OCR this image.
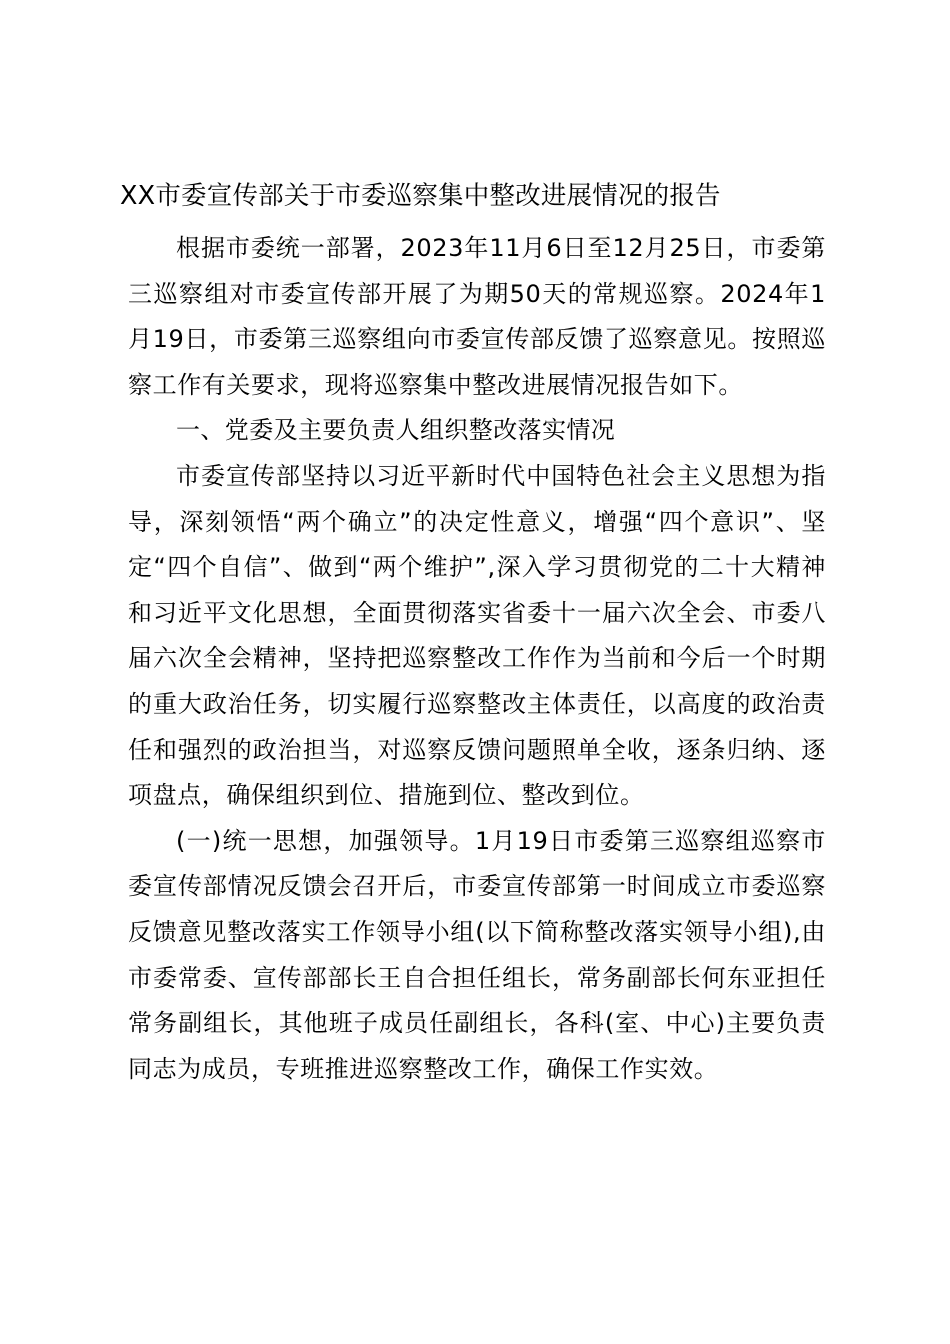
XX市委宣传部关于市委巡察集中整改进展情况的报告

根据市委统一部署，2023年11月6日至12月25日，市委第三巡察组对市委宣传部开展了为期50天的常规巡察。2024年1月19日，市委第三巡察组向市委宣传部反馈了巡察意见。按照巡察工作有关要求，现将巡察集中整改进展情况报告如下。

一、党委及主要负责人组织整改落实情况

市委宣传部坚持以习近平新时代中国特色社会主义思想为指导，深刻领悟“两个确立”的决定性意义，增强“四个意识”、坚定“四个自信”、做到“两个维护”,深入学习贯彻党的二十大精神和习近平文化思想，全面贯彻落实省委十一届六次全会、市委八届六次全会精神，坚持把巡察整改工作作为当前和今后一个时期的重大政治任务，切实履行巡察整改主体责任，以高度的政治责任和强烈的政治担当，对巡察反馈问题照单全收，逐条归纳、逐项盘点，确保组织到位、措施到位、整改到位。

(一)统一思想，加强领导。1月19日市委第三巡察组巡察市委宣传部情况反馈会召开后，市委宣传部第一时间成立市委巡察反馈意见整改落实工作领导小组(以下简称整改落实领导小组),由市委常委、宣传部部长王自合担任组长，常务副部长何东亚担任常务副组长，其他班子成员任副组长，各科(室、中心)主要负责同志为成员，专班推进巡察整改工作，确保工作实效。
